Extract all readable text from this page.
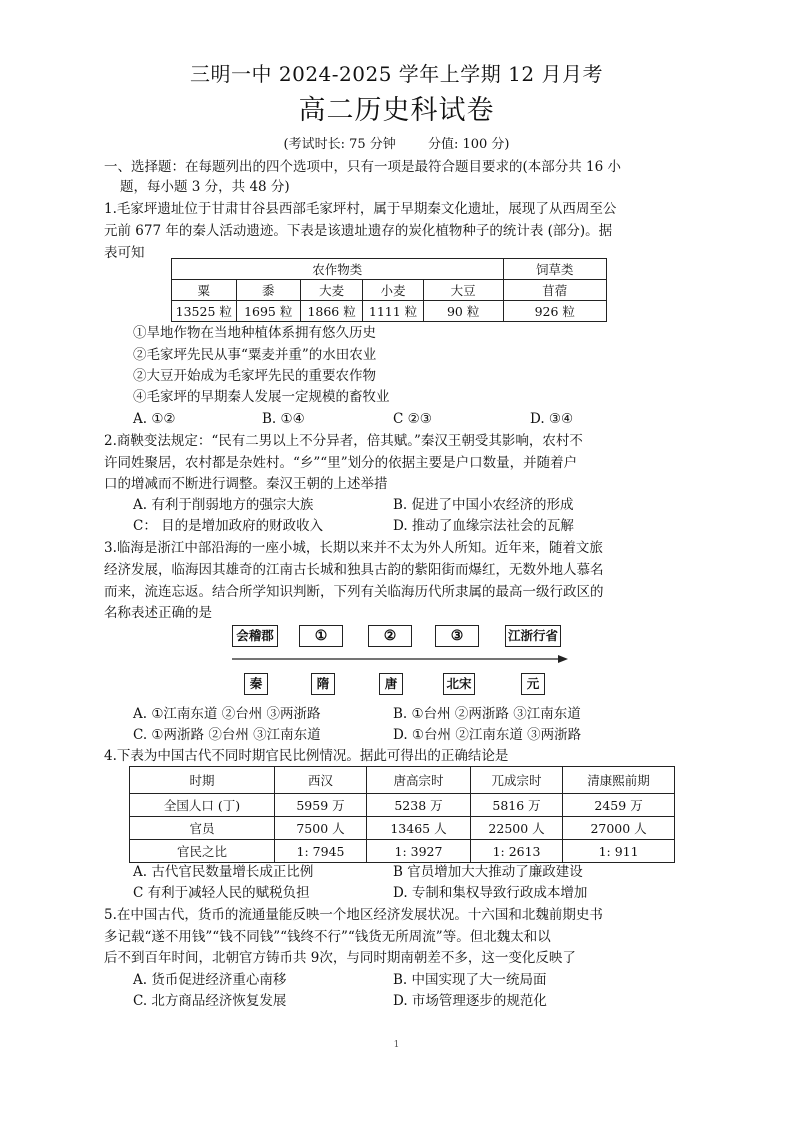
三明一中 2024-2025 学年上学期 12 月月考
高二历史科试卷
(考试时长: 75 分钟 分值: 100 分)
一、选择题：在每题列出的四个选项中，只有一项是最符合题目要求的(本部分共 16 小
题，每小题 3 分，共 48 分)
1.毛家坪遗址位于甘肃甘谷县西部毛家坪村，属于早期秦文化遗址，展现了从西周至公
元前 677 年的秦人活动遗迹。下表是该遗址遗存的炭化植物种子的统计表 (部分)。据
表可知
农作物类					饲草类
粟	黍	大麦	小麦	大豆	苜蓿
13525 粒	1695 粒	1866 粒	1111 粒	90 粒	926 粒
①旱地作物在当地种植体系拥有悠久历史
②毛家坪先民从事“粟麦并重”的水田农业
②大豆开始成为毛家坪先民的重要农作物
④毛家坪的早期秦人发展一定规模的畜牧业
A. ①②	B. ①④	C ②③	D. ③④
2.商鞅变法规定：“民有二男以上不分异者，倍其赋。”秦汉王朝受其影响，农村不
许同姓聚居，农村都是杂姓村。“乡”“里”划分的依据主要是户口数量，并随着户
口的增减而不断进行调整。秦汉王朝的上述举措
A. 有利于削弱地方的强宗大族	B. 促进了中国小农经济的形成
C： 目的是增加政府的财政收入	D. 推动了血缘宗法社会的瓦解
3.临海是浙江中部沿海的一座小城，长期以来并不太为外人所知。近年来，随着文旅
经济发展，临海因其雄奇的江南古长城和独具古韵的紫阳街而爆红，无数外地人慕名
而来，流连忘返。结合所学知识判断，下列有关临海历代所隶属的最高一级行政区的
名称表述正确的是
会稽郡	①	②	③	江浙行省
秦	隋	唐	北宋	元
A. ①江南东道 ②台州 ③两浙路	B. ①台州 ②两浙路 ③江南东道
C. ①两浙路 ②台州 ③江南东道	D. ①台州 ②江南东道 ③两浙路
4.下表为中国古代不同时期官民比例情况。据此可得出的正确结论是
时期	西汉	唐高宗时	兀成宗时	清康熙前期
全国人口 (丁)	5959 万	5238 万	5816 万	2459 万
官员	7500 人	13465 人	22500 人	27000 人
官民之比	1: 7945	1: 3927	1: 2613	1: 911
A. 古代官民数量增长成正比例	B 官员增加大大推动了廉政建设
C 有利于减轻人民的赋税负担	D. 专制和集权导致行政成本增加
5.在中国古代，货币的流通量能反映一个地区经济发展状况。十六国和北魏前期史书
多记载“遂不用钱”“钱不同钱”“钱终不行”“钱货无所周流”等。但北魏太和以
后不到百年时间，北朝官方铸币共 9次，与同时期南朝差不多，这一变化反映了
A. 货币促进经济重心南移	B. 中国实现了大一统局面
C. 北方商品经济恢复发展	D. 市场管理逐步的规范化
1
